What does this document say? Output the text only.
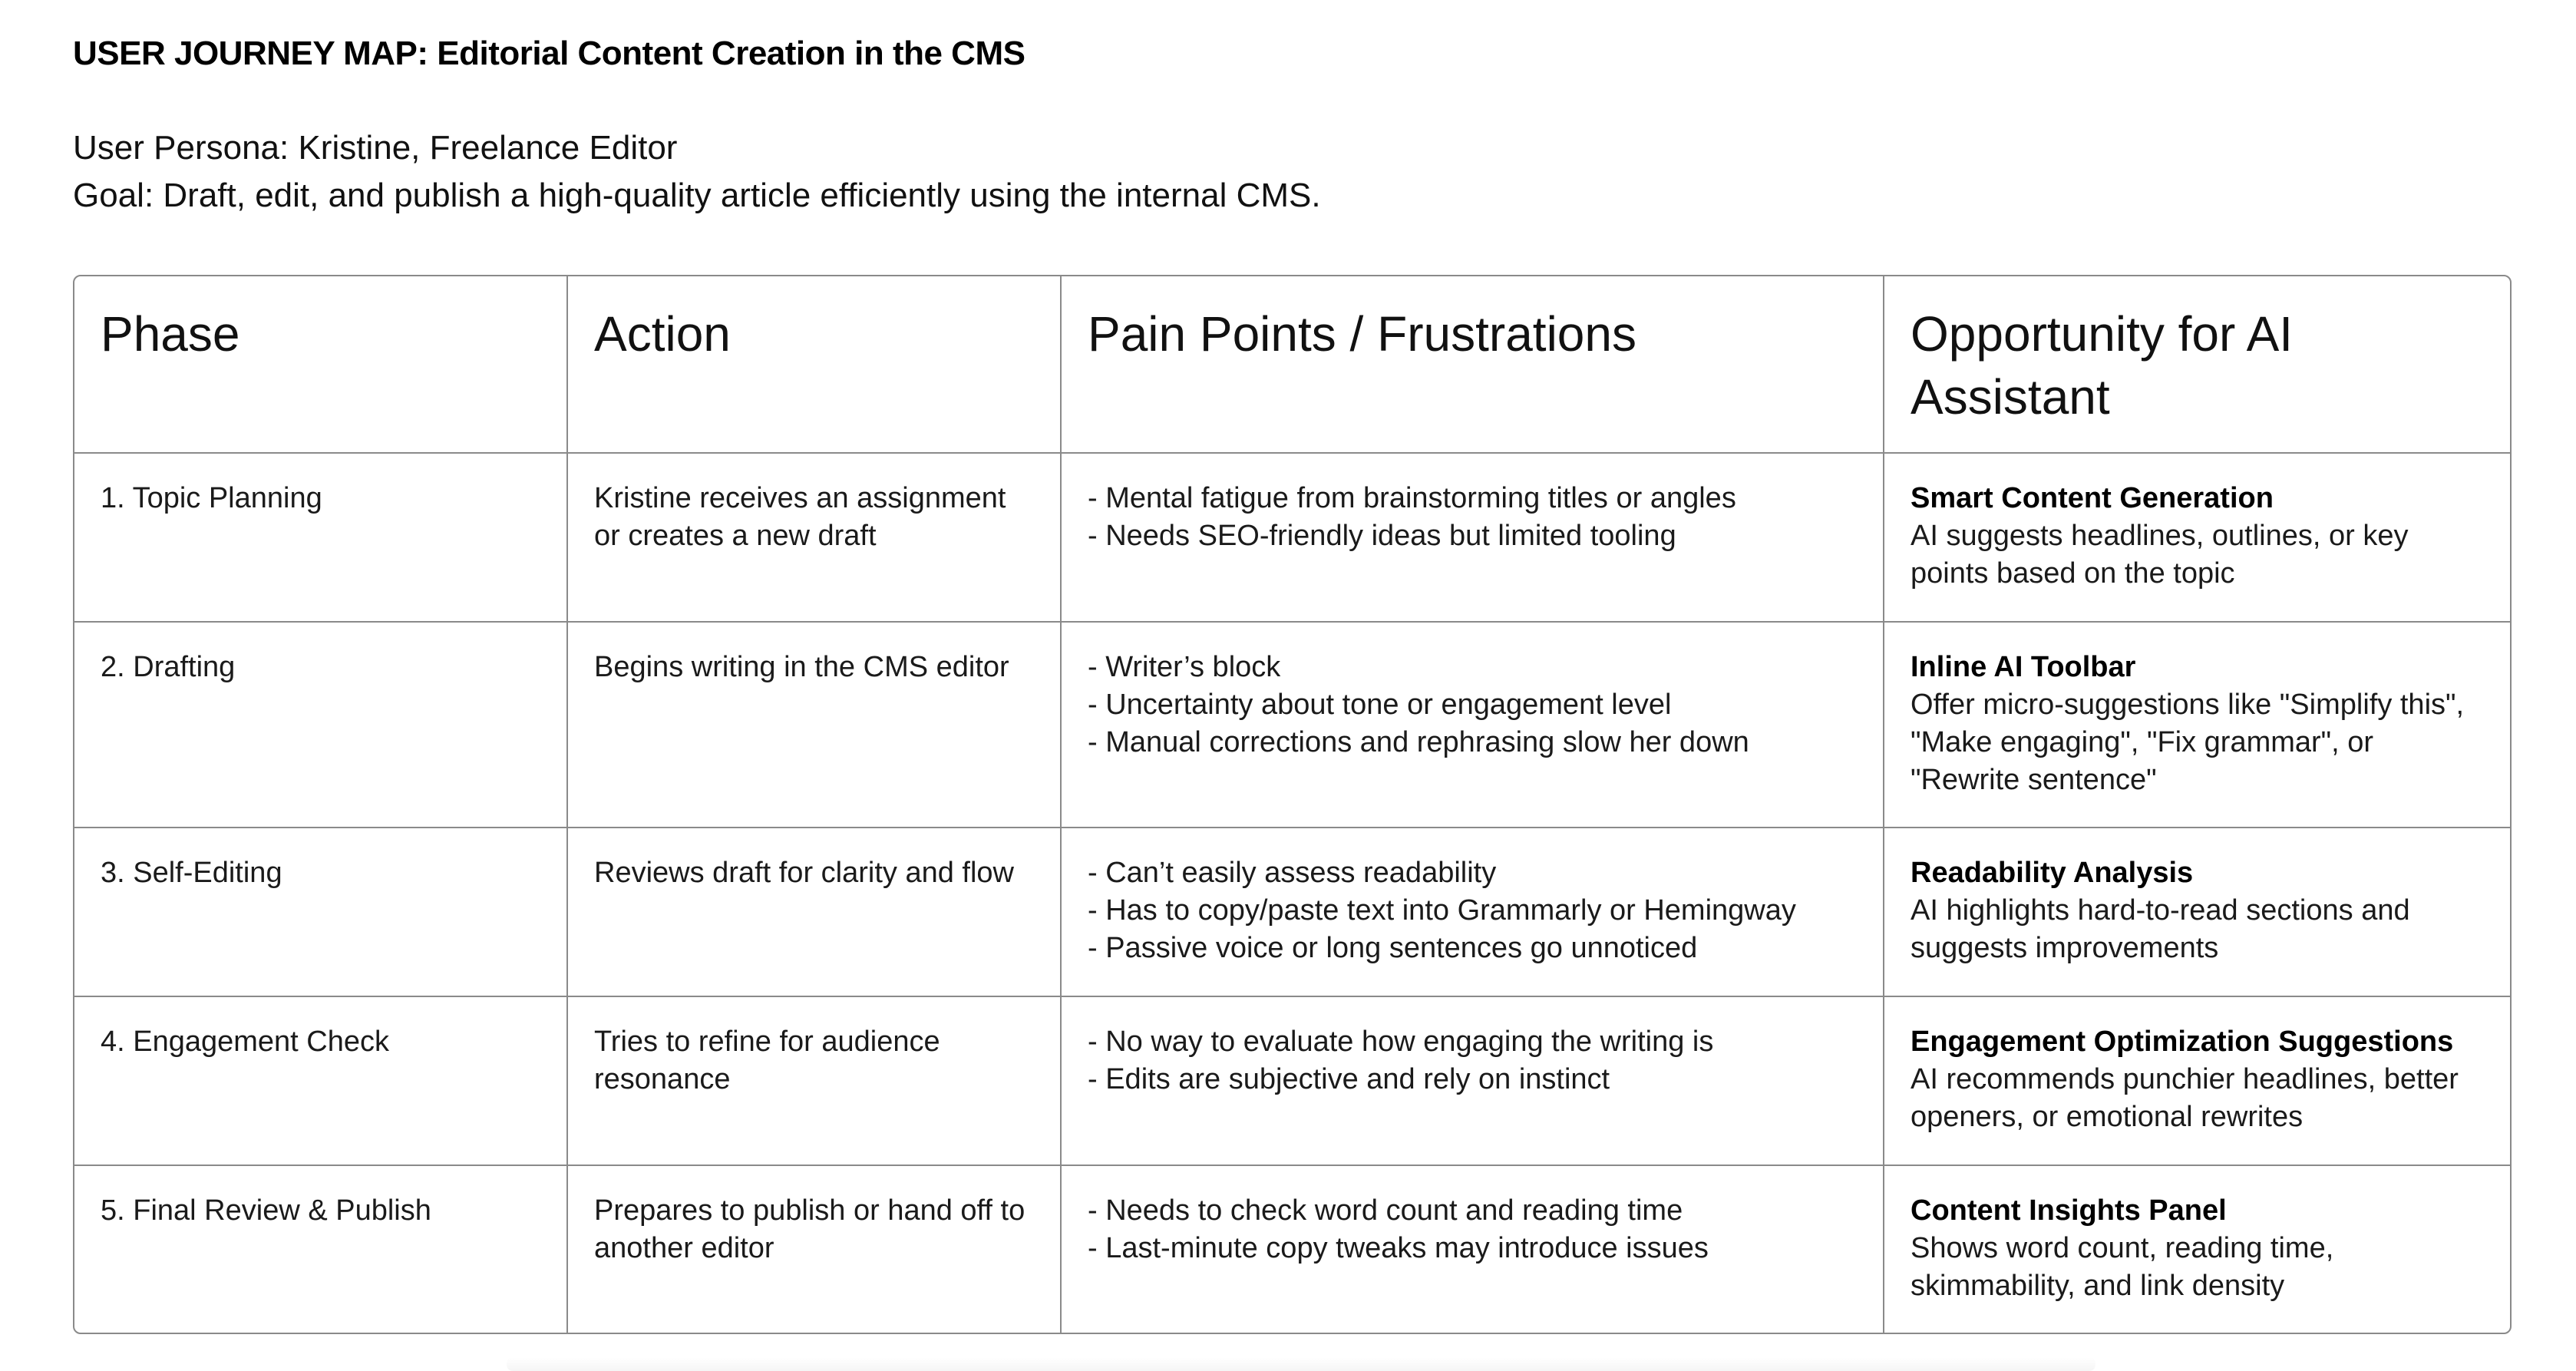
USER JOURNEY MAP: Editorial Content Creation in the CMS
User Persona: Kristine, Freelance Editor
Goal: Draft, edit, and publish a high-quality article efficiently using the internal CMS.
Phase	Action	Pain Points / Frustrations	Opportunity for AI Assistant
1. Topic Planning	Kristine receives an assignment or creates a new draft	- Mental fatigue from brainstorming titles or angles
- Needs SEO-friendly ideas but limited tooling	Smart Content Generation
AI suggests headlines, outlines, or key points based on the topic

2. Drafting	Begins writing in the CMS editor	- Writer’s block
- Uncertainty about tone or engagement level
- Manual corrections and rephrasing slow her down	Inline AI Toolbar
Offer micro-suggestions like "Simplify this", "Make engaging", "Fix grammar", or "Rewrite sentence"

3. Self-Editing	Reviews draft for clarity and flow	- Can’t easily assess readability
- Has to copy/paste text into Grammarly or Hemingway
- Passive voice or long sentences go unnoticed	Readability Analysis
AI highlights hard-to-read sections and suggests improvements

4. Engagement Check	Tries to refine for audience resonance	- No way to evaluate how engaging the writing is
- Edits are subjective and rely on instinct	Engagement Optimization Suggestions
AI recommends punchier headlines, better openers, or emotional rewrites

5. Final Review & Publish	Prepares to publish or hand off to another editor	- Needs to check word count and reading time
- Last-minute copy tweaks may introduce issues	Content Insights Panel
Shows word count, reading time, skimmability, and link density
